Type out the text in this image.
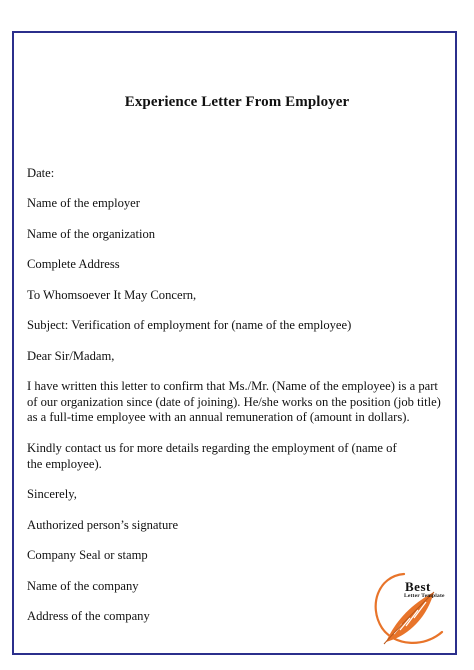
Experience Letter From Employer
Date:
Name of the employer
Name of the organization
Complete Address
To Whomsoever It May Concern,
Subject: Verification of employment for (name of the employee)
Dear Sir/Madam,
I have written this letter to confirm that Ms./Mr. (Name of the employee) is a part
of our organization since (date of joining). He/she works on the position (job title)
as a full-time employee with an annual remuneration of (amount in dollars).
Kindly contact us for more details regarding the employment of (name of
the employee).
Sincerely,
Authorized person’s signature
Company Seal or stamp
Name of the company
Address of the company
Best
Letter Template
